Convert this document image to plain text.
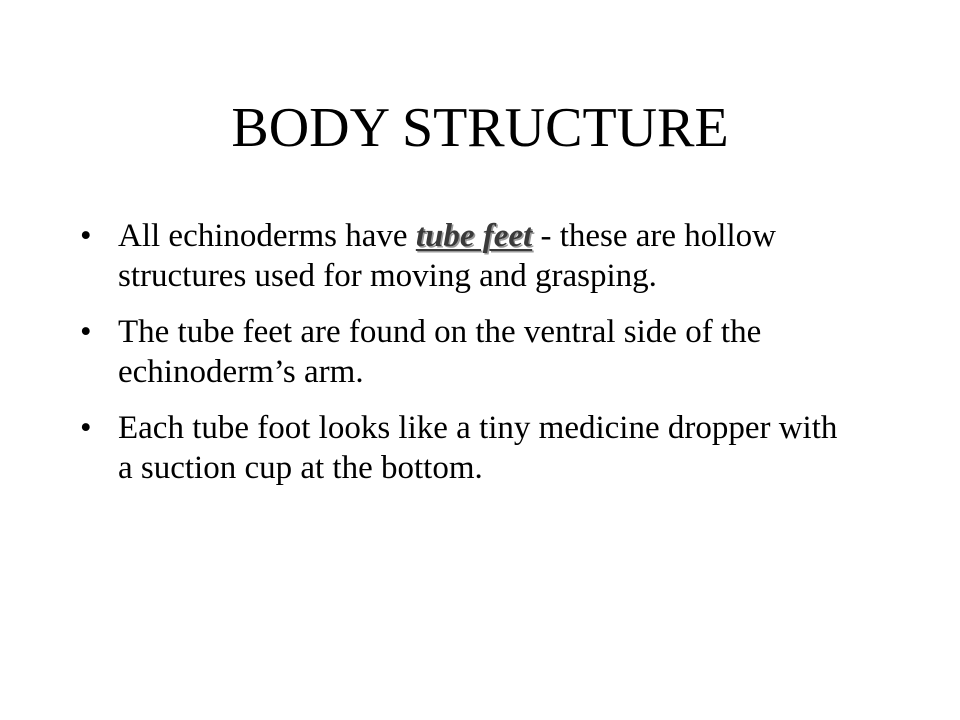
BODY STRUCTURE
• All echinoderms have tube feet - these are hollow structures used for moving and grasping.
• The tube feet are found on the ventral side of the echinoderm’s arm.
• Each tube foot looks like a tiny medicine dropper with a suction cup at the bottom.
